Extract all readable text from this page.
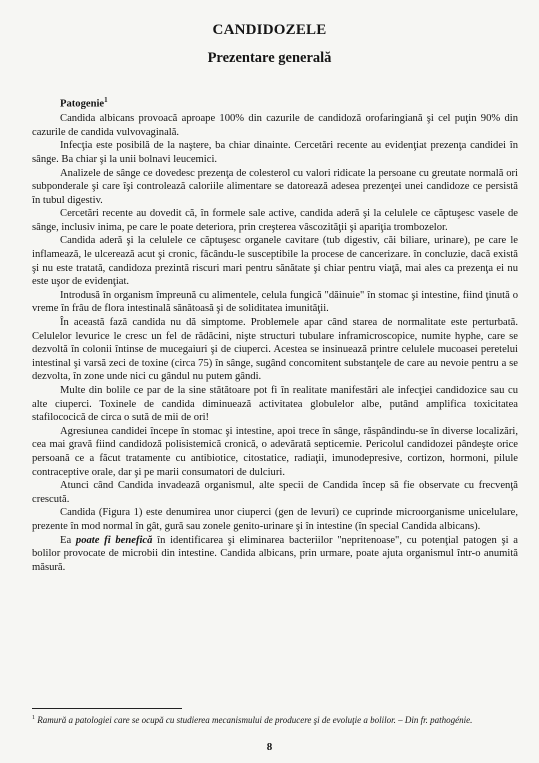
CANDIDOZELE
Prezentare generală

Patogenie$^1$

Candida albicans provoacă aproape 100% din cazurile de candidoză orofaringiană şi cel puţin 90% din cazurile de candida vulvovaginală.

Infecţia este posibilă de la naştere, ba chiar dinainte. Cercetări recente au evidenţiat prezenţa candidei în sânge. Ba chiar şi la unii bolnavi leucemici.

Analizele de sânge ce dovedesc prezenţa de colesterol cu valori ridicate la persoane cu greutate normală ori subponderale şi care îşi controlează caloriile alimentare se datorează adesea prezenţei unei candidoze ce persistă în tubul digestiv.

Cercetări recente au dovedit că, în formele sale active, candida aderă şi la celulele ce căptuşesc vasele de sânge, inclusiv inima, pe care le poate deteriora, prin creşterea vâscozităţii şi apariţia trombozelor.

Candida aderă şi la celulele ce căptuşesc organele cavitare (tub digestiv, căi biliare, urinare), pe care le inflamează, le ulcerează acut şi cronic, făcându-le susceptibile la procese de cancerizare. în concluzie, dacă există şi nu este tratată, candidoza prezintă riscuri mari pentru sănătate şi chiar pentru viaţă, mai ales ca prezenţa ei nu este uşor de evidenţiat.

Introdusă în organism împreună cu alimentele, celula fungică "dăinuie" în stomac şi intestine, fiind ţinută o vreme în frâu de flora intestinală sănătoasă şi de soliditatea imunităţii.

În această fază candida nu dă simptome. Problemele apar când starea de normalitate este perturbată. Celulelor levurice le cresc un fel de rădăcini, nişte structuri tubulare inframicroscopice, numite hyphe, care se dezvoltă în colonii întinse de mucegaiuri şi de ciuperci. Acestea se insinuează printre celulele mucoasei peretelui intestinal şi varsă zeci de toxine (circa 75) în sânge, sugând concomitent substanţele de care au nevoie pentru a se dezvolta, în zone unde nici cu gândul nu putem gândi.

Multe din bolile ce par de la sine stătătoare pot fi în realitate manifestări ale infecţiei candidozice sau cu alte ciuperci. Toxinele de candida diminuează activitatea globulelor albe, putând amplifica toxicitatea stafilococică de circa o sută de mii de ori!

Agresiunea candidei începe în stomac şi intestine, apoi trece în sânge, răspândindu-se în diverse localizări, cea mai gravă fiind candidoză polisistemică cronică, o adevărată septicemie. Pericolul candidozei pândeşte orice persoană ce a făcut tratamente cu antibiotice, citostatice, radiaţii, imunodepresive, cortizon, hormoni, pilule contraceptive orale, dar şi pe marii consumatori de dulciuri.

Atunci când Candida invadează organismul, alte specii de Candida încep să fie observate cu frecvenţă crescută.

Candida (Figura 1) este denumirea unor ciuperci (gen de levuri) ce cuprinde microorganisme unicelulare, prezente în mod normal în gât, gură sau zonele genito-urinare şi în intestine (în special Candida albicans).

Ea poate fi benefică în identificarea şi eliminarea bacteriilor "nepritenoase", cu potenţial patogen şi a bolilor provocate de microbii din intestine. Candida albicans, prin urmare, poate ajuta organismul într-o anumită măsură.

$^1$ Ramură a patologiei care se ocupă cu studierea mecanismului de producere şi de evoluţie a bolilor. – Din fr. pathogénie.
8
